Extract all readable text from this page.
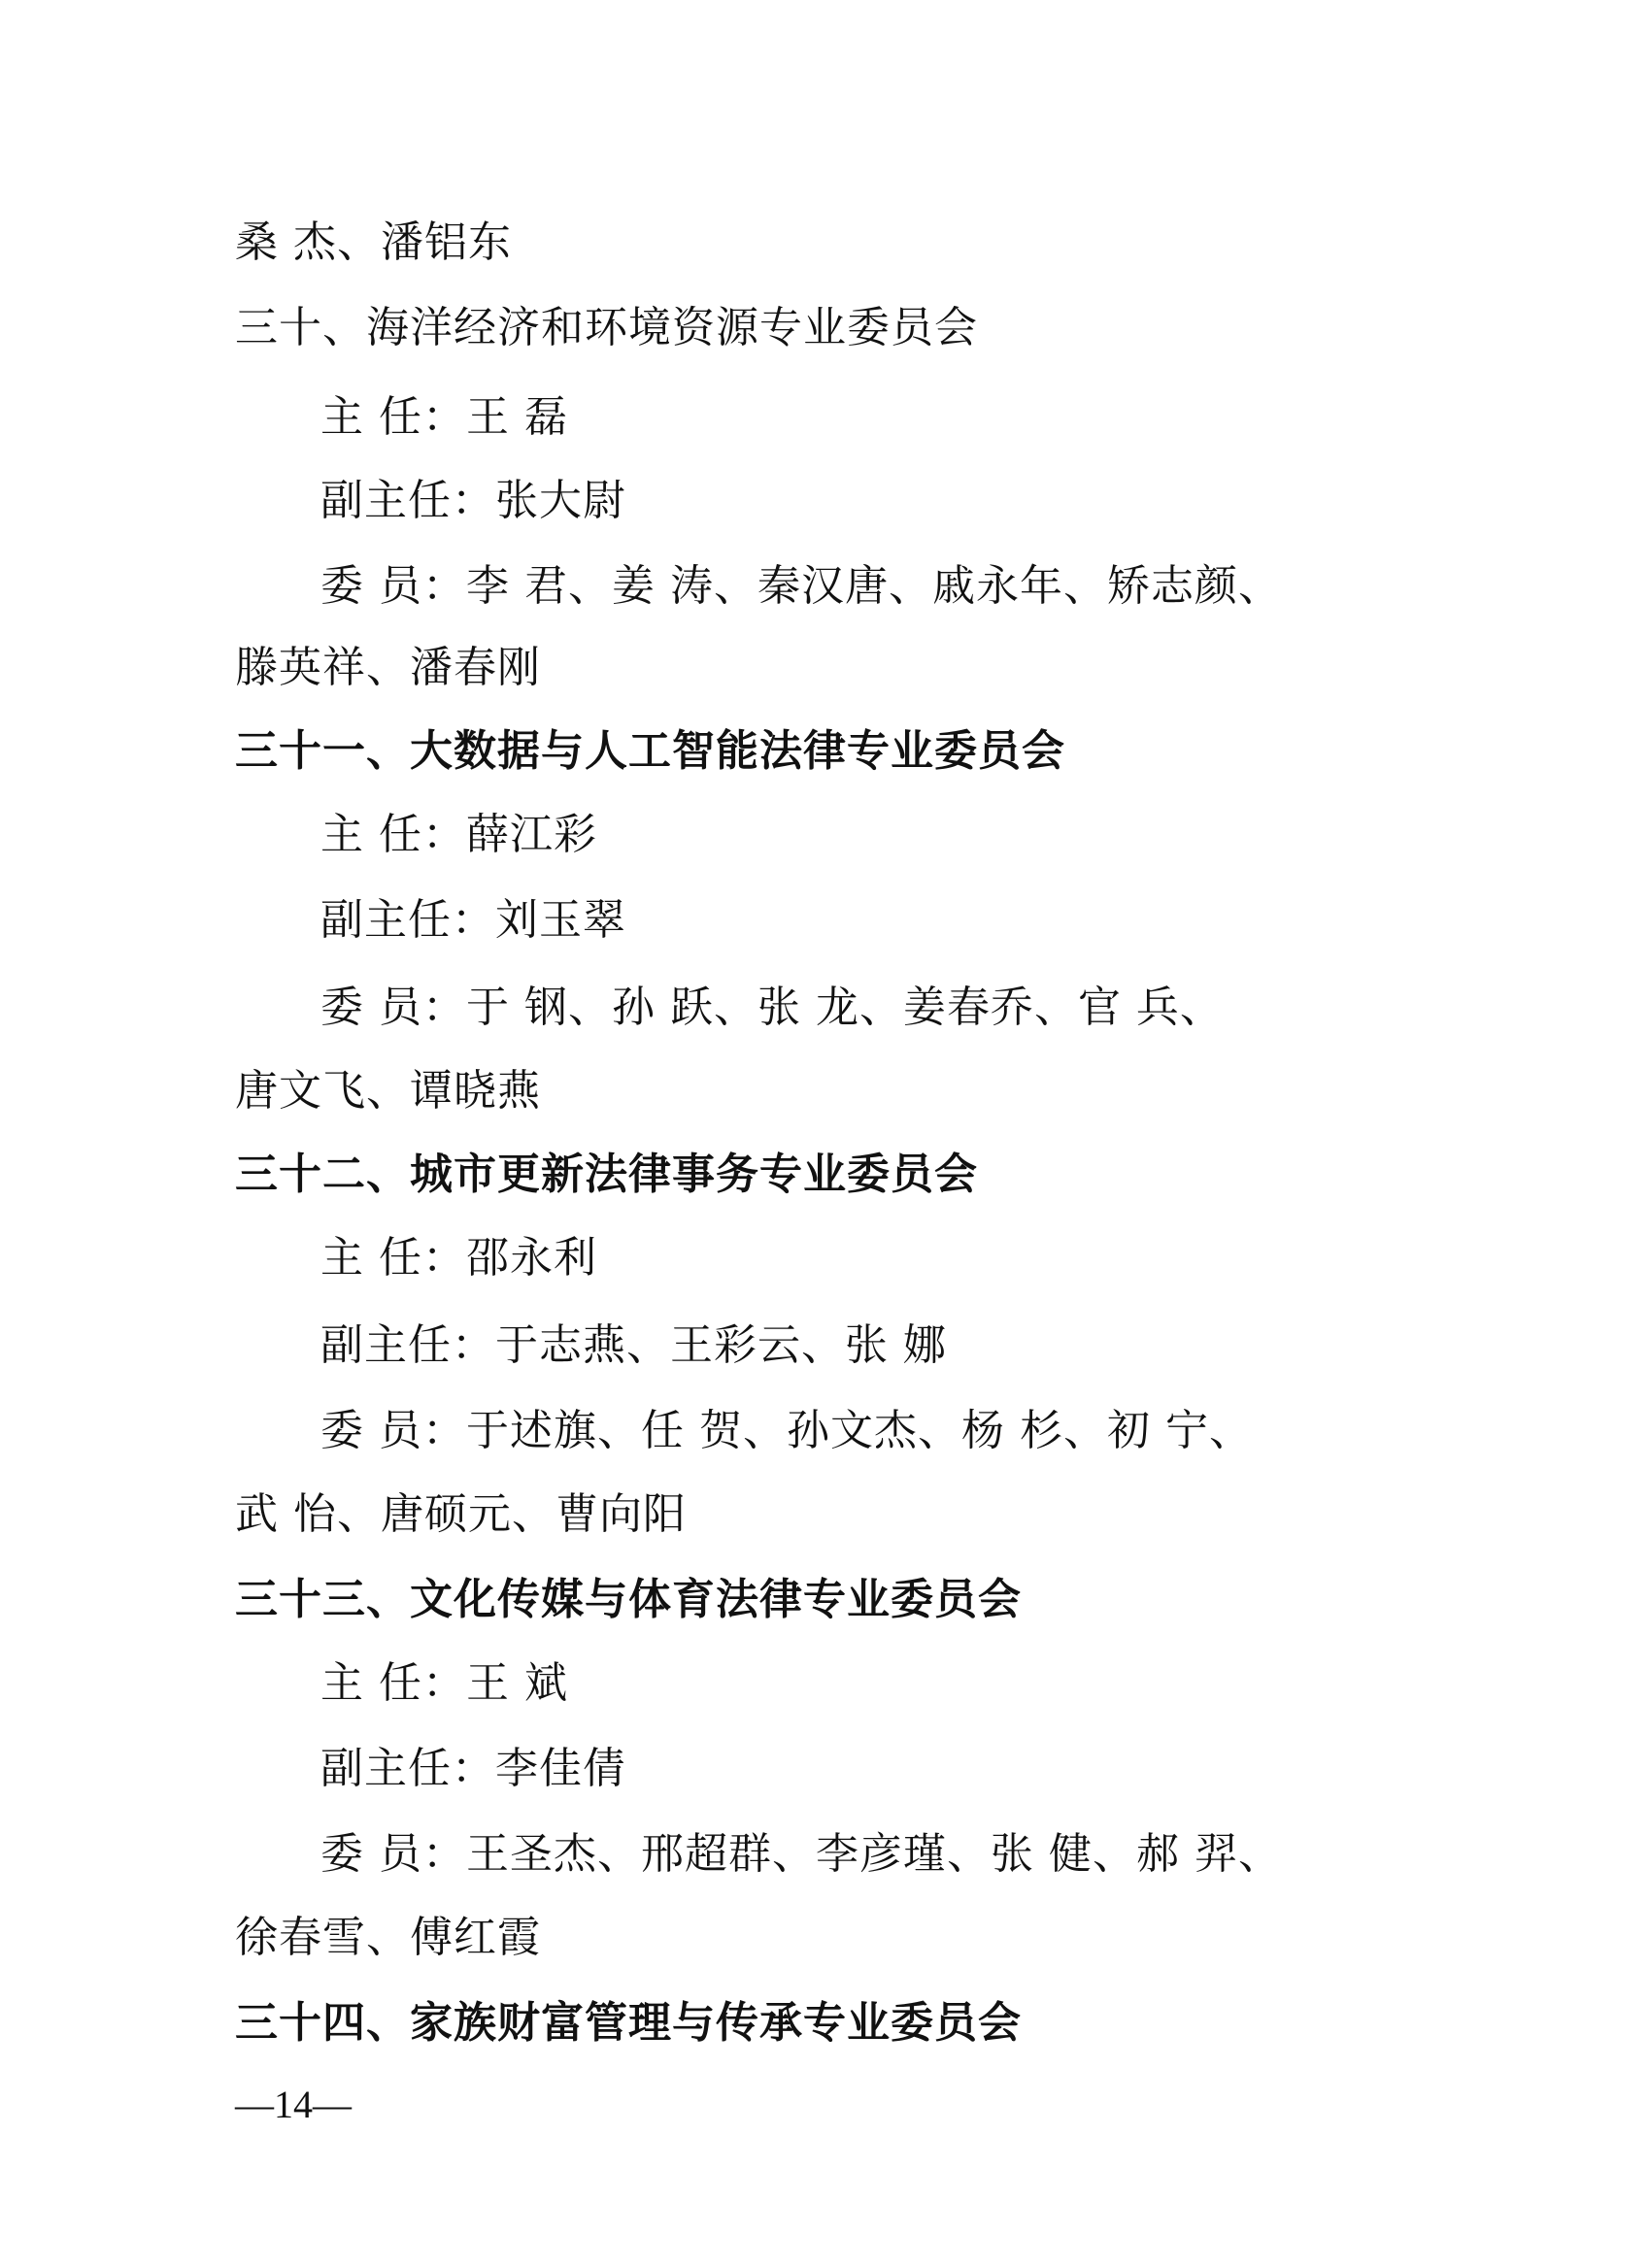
桑 杰、潘铝东
三十、海洋经济和环境资源专业委员会
主 任：王 磊
副主任：张大尉
委 员：李 君、姜 涛、秦汉唐、戚永年、矫志颜、
滕英祥、潘春刚
三十一、大数据与人工智能法律专业委员会
主 任：薛江彩
副主任：刘玉翠
委 员：于 钢、孙 跃、张 龙、姜春乔、官 兵、
唐文飞、谭晓燕
三十二、城市更新法律事务专业委员会
主 任：邵永利
副主任：于志燕、王彩云、张 娜
委 员：于述旗、任 贺、孙文杰、杨 杉、初 宁、
武 怡、唐硕元、曹向阳
三十三、文化传媒与体育法律专业委员会
主 任：王 斌
副主任：李佳倩
委 员：王圣杰、邢超群、李彦瑾、张 健、郝 羿、
徐春雪、傅红霞
三十四、家族财富管理与传承专业委员会
—14—
